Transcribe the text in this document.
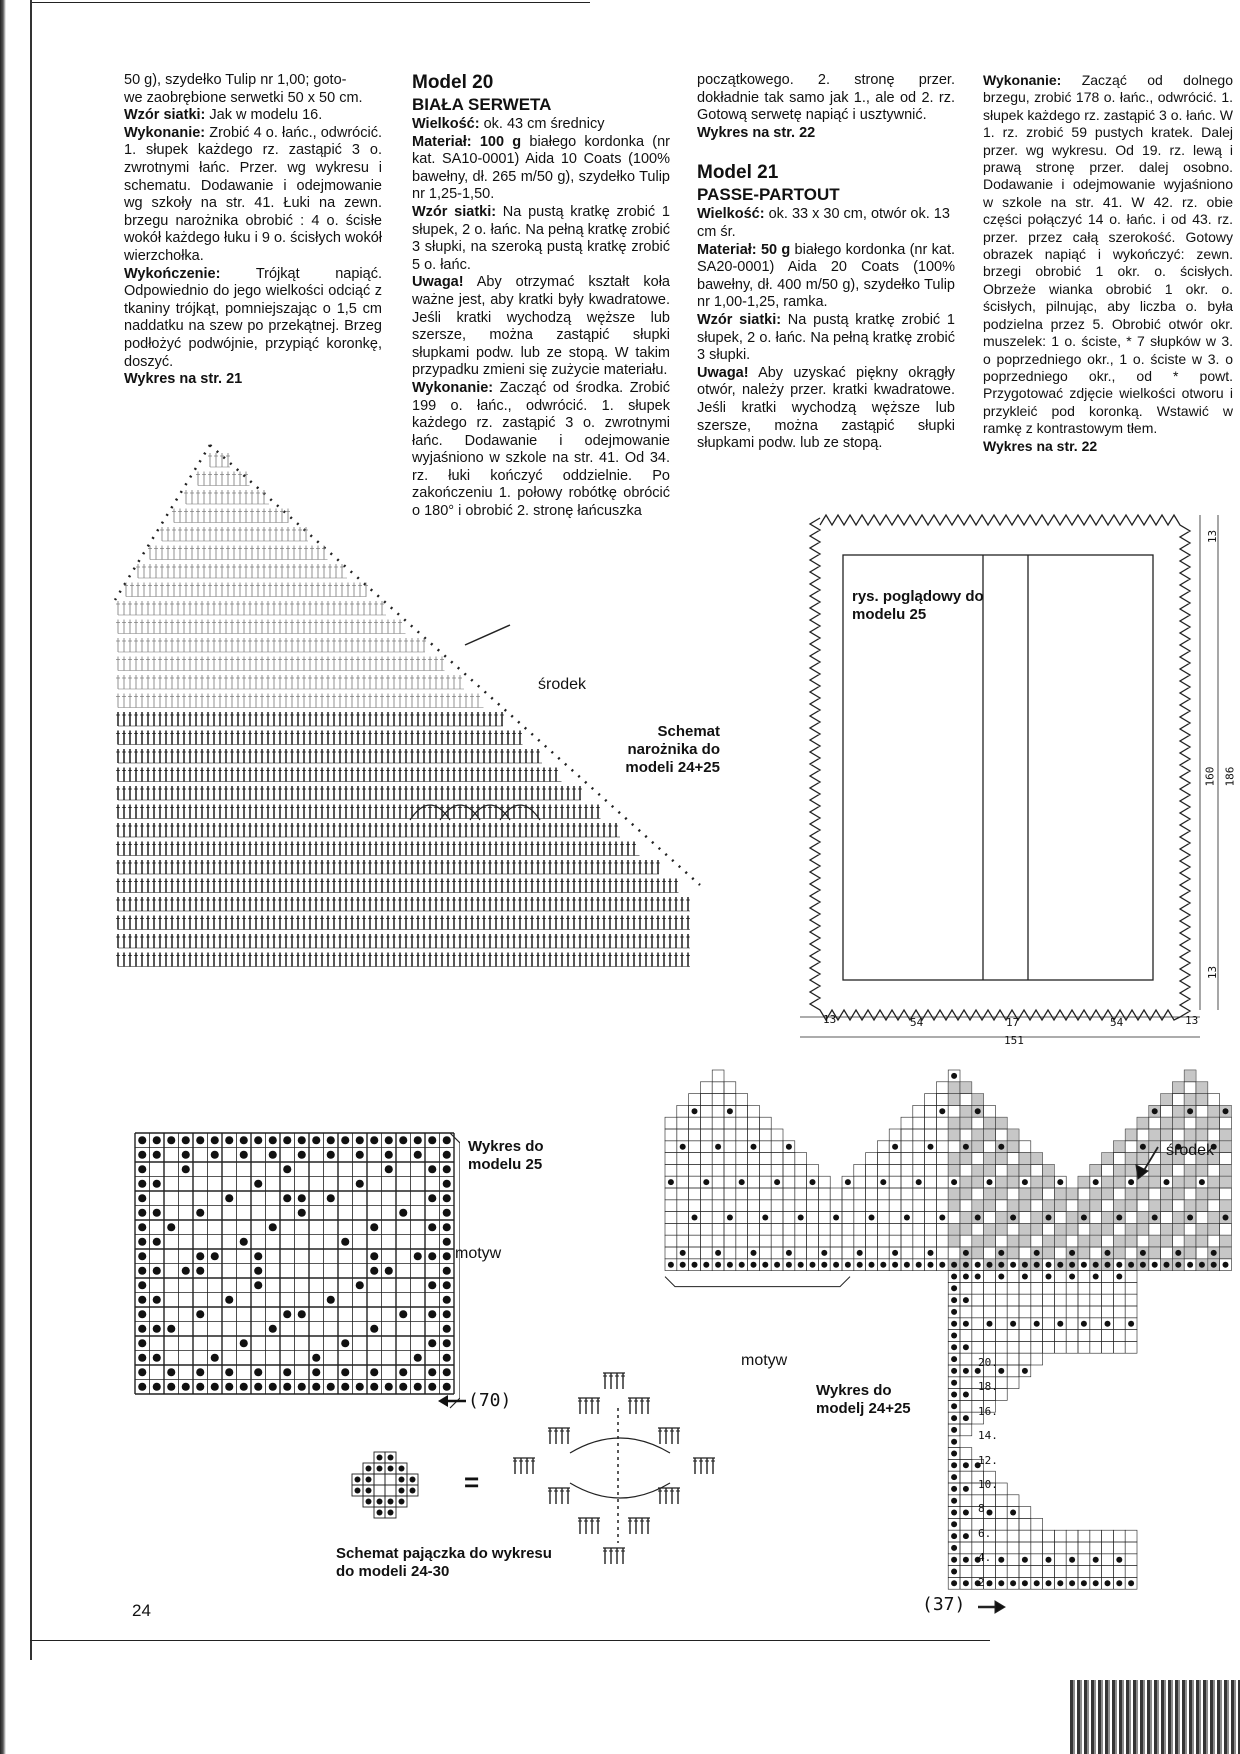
50 g), szydełko Tulip nr 1,00; goto-

we zaobrębione serwetki 50 x 50 cm.

Wzór siatki: Jak w modelu 16.

Wykonanie: Zrobić 4 o. łańc., odwrócić. 1. słupek każdego rz. zastąpić 3 o. zwrotnymi łańc. Przer. wg wykresu i schematu. Dodawanie i odejmowanie wg szkoły na str. 41. Łuki na zewn. brzegu narożnika obrobić : 4 o. ścisłe wokół każdego łuku i 9 o. ścisłych wokół wierzchołka.

Wykończenie: Trójkąt napiąć. Odpowiednio do jego wielkości odciąć z tkaniny trójkąt, pomniejszając o 1,5 cm naddatku na szew po przekątnej. Brzeg podłożyć podwójnie, przypiąć koronkę, doszyć.

Wykres na str. 21

Model 20

BIAŁA SERWETA

Wielkość: ok. 43 cm średnicy

Materiał: 100 g białego kordonka (nr kat. SA10-0001) Aida 10 Coats (100% bawełny, dł. 265 m/50 g), szydełko Tulip nr 1,25-1,50.

Wzór siatki: Na pustą kratkę zrobić 1 słupek, 2 o. łańc. Na pełną kratkę zrobić 3 słupki, na szeroką pustą kratkę zrobić 5 o. łańc.

Uwaga! Aby otrzymać kształt koła ważne jest, aby kratki były kwadratowe. Jeśli kratki wychodzą węższe lub szersze, można zastąpić słupki słupkami podw. lub ze stopą. W takim przypadku zmieni się zużycie materiału.

Wykonanie: Zacząć od środka. Zrobić 199 o. łańc., odwrócić. 1. słupek każdego rz. zastąpić 3 o. zwrotnymi łańc. Dodawanie i odejmowanie wyjaśniono w szkole na str. 41. Od 34. rz. łuki kończyć oddzielnie. Po zakończeniu 1. połowy robótkę obrócić o 180° i obrobić 2. stronę łańcuszka

początkowego. 2. stronę przer. dokładnie tak samo jak 1., ale od 2. rz. Gotową serwetę napiąć i usztywnić.

Wykres na str. 22

Model 21

PASSE-PARTOUT

Wielkość: ok. 33 x 30 cm, otwór ok. 13 cm śr.

Materiał: 50 g białego kordonka (nr kat. SA20-0001) Aida 20 Coats (100% bawełny, dł. 400 m/50 g), szydełko Tulip nr 1,00-1,25, ramka.

Wzór siatki: Na pustą kratkę zrobić 1 słupek, 2 o. łańc. Na pełną kratkę zrobić 3 słupki.

Uwaga! Aby uzyskać piękny okrągły otwór, należy przer. kratki kwadratowe. Jeśli kratki wychodzą węższe lub szersze, można zastąpić słupki słupkami podw. lub ze stopą.

Wykonanie: Zacząć od dolnego brzegu, zrobić 178 o. łańc., odwrócić. 1. słupek każdego rz. zastąpić 3 o. łańc. W 1. rz. zrobić 59 pustych kratek. Dalej przer. wg wykresu. Od 19. rz. lewą i prawą stronę przer. dalej osobno. Dodawanie i odejmowanie wyjaśniono w szkole na str. 41. W 42. rz. obie części połączyć 14 o. łańc. i od 43. rz. przer. przez całą szerokość. Gotowy obrazek napiąć i wykończyć: zewn. brzegi obrobić 1 okr. o. ścisłych. Obrzeże wianka obrobić 1 okr. o. ścisłych, pilnując, aby liczba o. była podzielna przez 5. Obrobić otwór okr. muszelek: 1 o. ściste, * 7 słupków w 3. o poprzedniego okr., 1 o. ściste w 3. o poprzedniego okr., od * powt. Przygotować zdjęcie wielkości otworu i przykleić pod koronką. Wstawić w ramkę z kontrastowym tłem.

Wykres na str. 22

Schemat narożnika do modeli 24+25
środek
rys. poglądowy do modelu 25
13	54	17	54	13
151
13
160 186
13
Wykres do modelu 25
motyw
(70)
=
Schemat pajączka do wykresu do modeli 24-30
Wykres do modelj 24+25
motyw
środek
(37)
24
20.
18.
16.
14.
12.
10.
8.
6.
4.
2.
